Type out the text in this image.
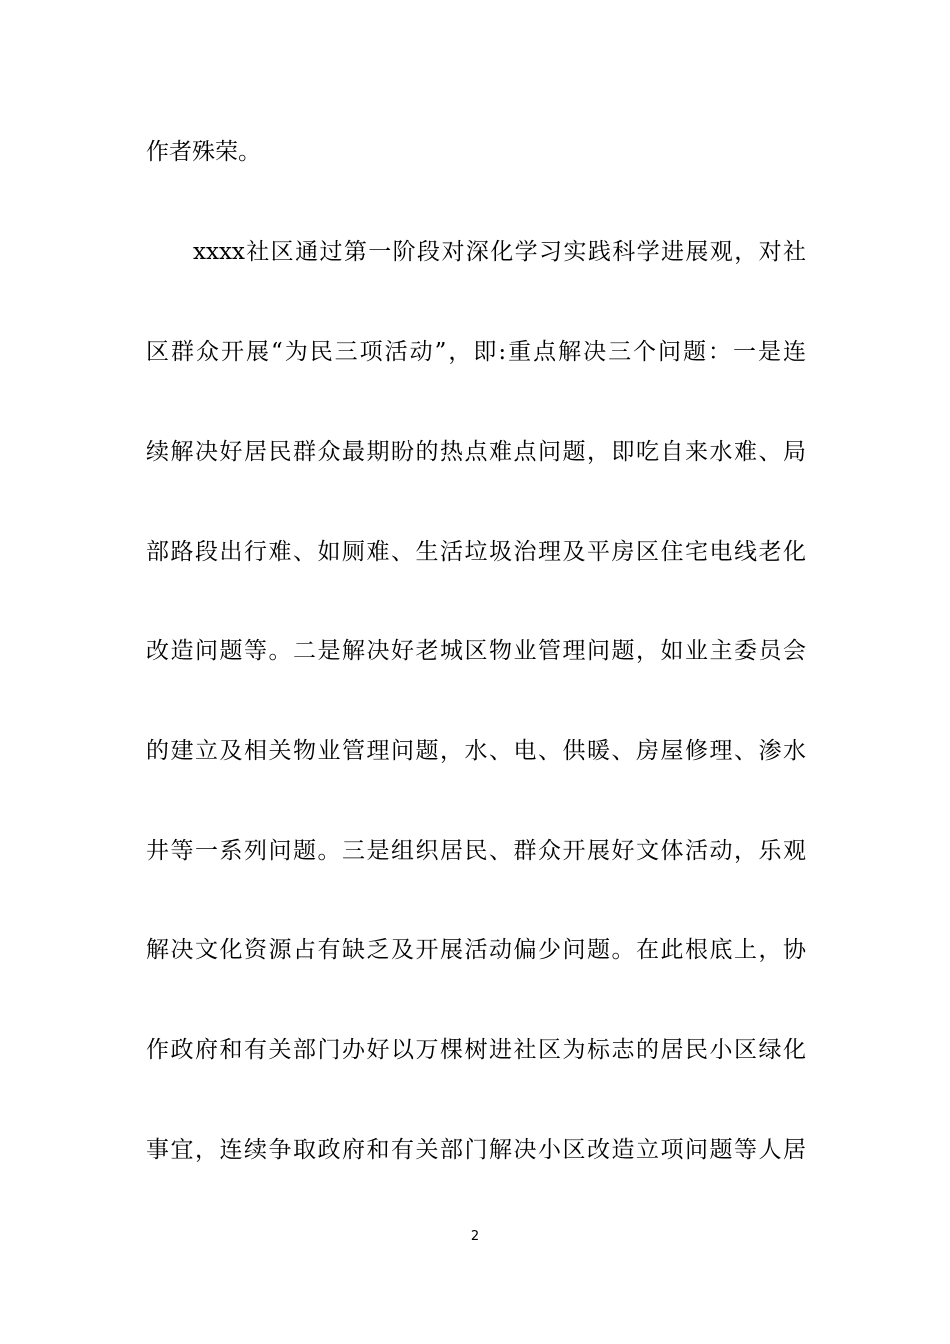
作者殊荣。
xxxx社区通过第一阶段对深化学习实践科学进展观，对社
区群众开展“为民三项活动”，即:重点解决三个问题：一是连
续解决好居民群众最期盼的热点难点问题，即吃自来水难、局
部路段出行难、如厕难、生活垃圾治理及平房区住宅电线老化
改造问题等。二是解决好老城区物业管理问题，如业主委员会
的建立及相关物业管理问题，水、电、供暖、房屋修理、渗水
井等一系列问题。三是组织居民、群众开展好文体活动，乐观
解决文化资源占有缺乏及开展活动偏少问题。在此根底上，协
作政府和有关部门办好以万棵树进社区为标志的居民小区绿化
事宜，连续争取政府和有关部门解决小区改造立项问题等人居
2
